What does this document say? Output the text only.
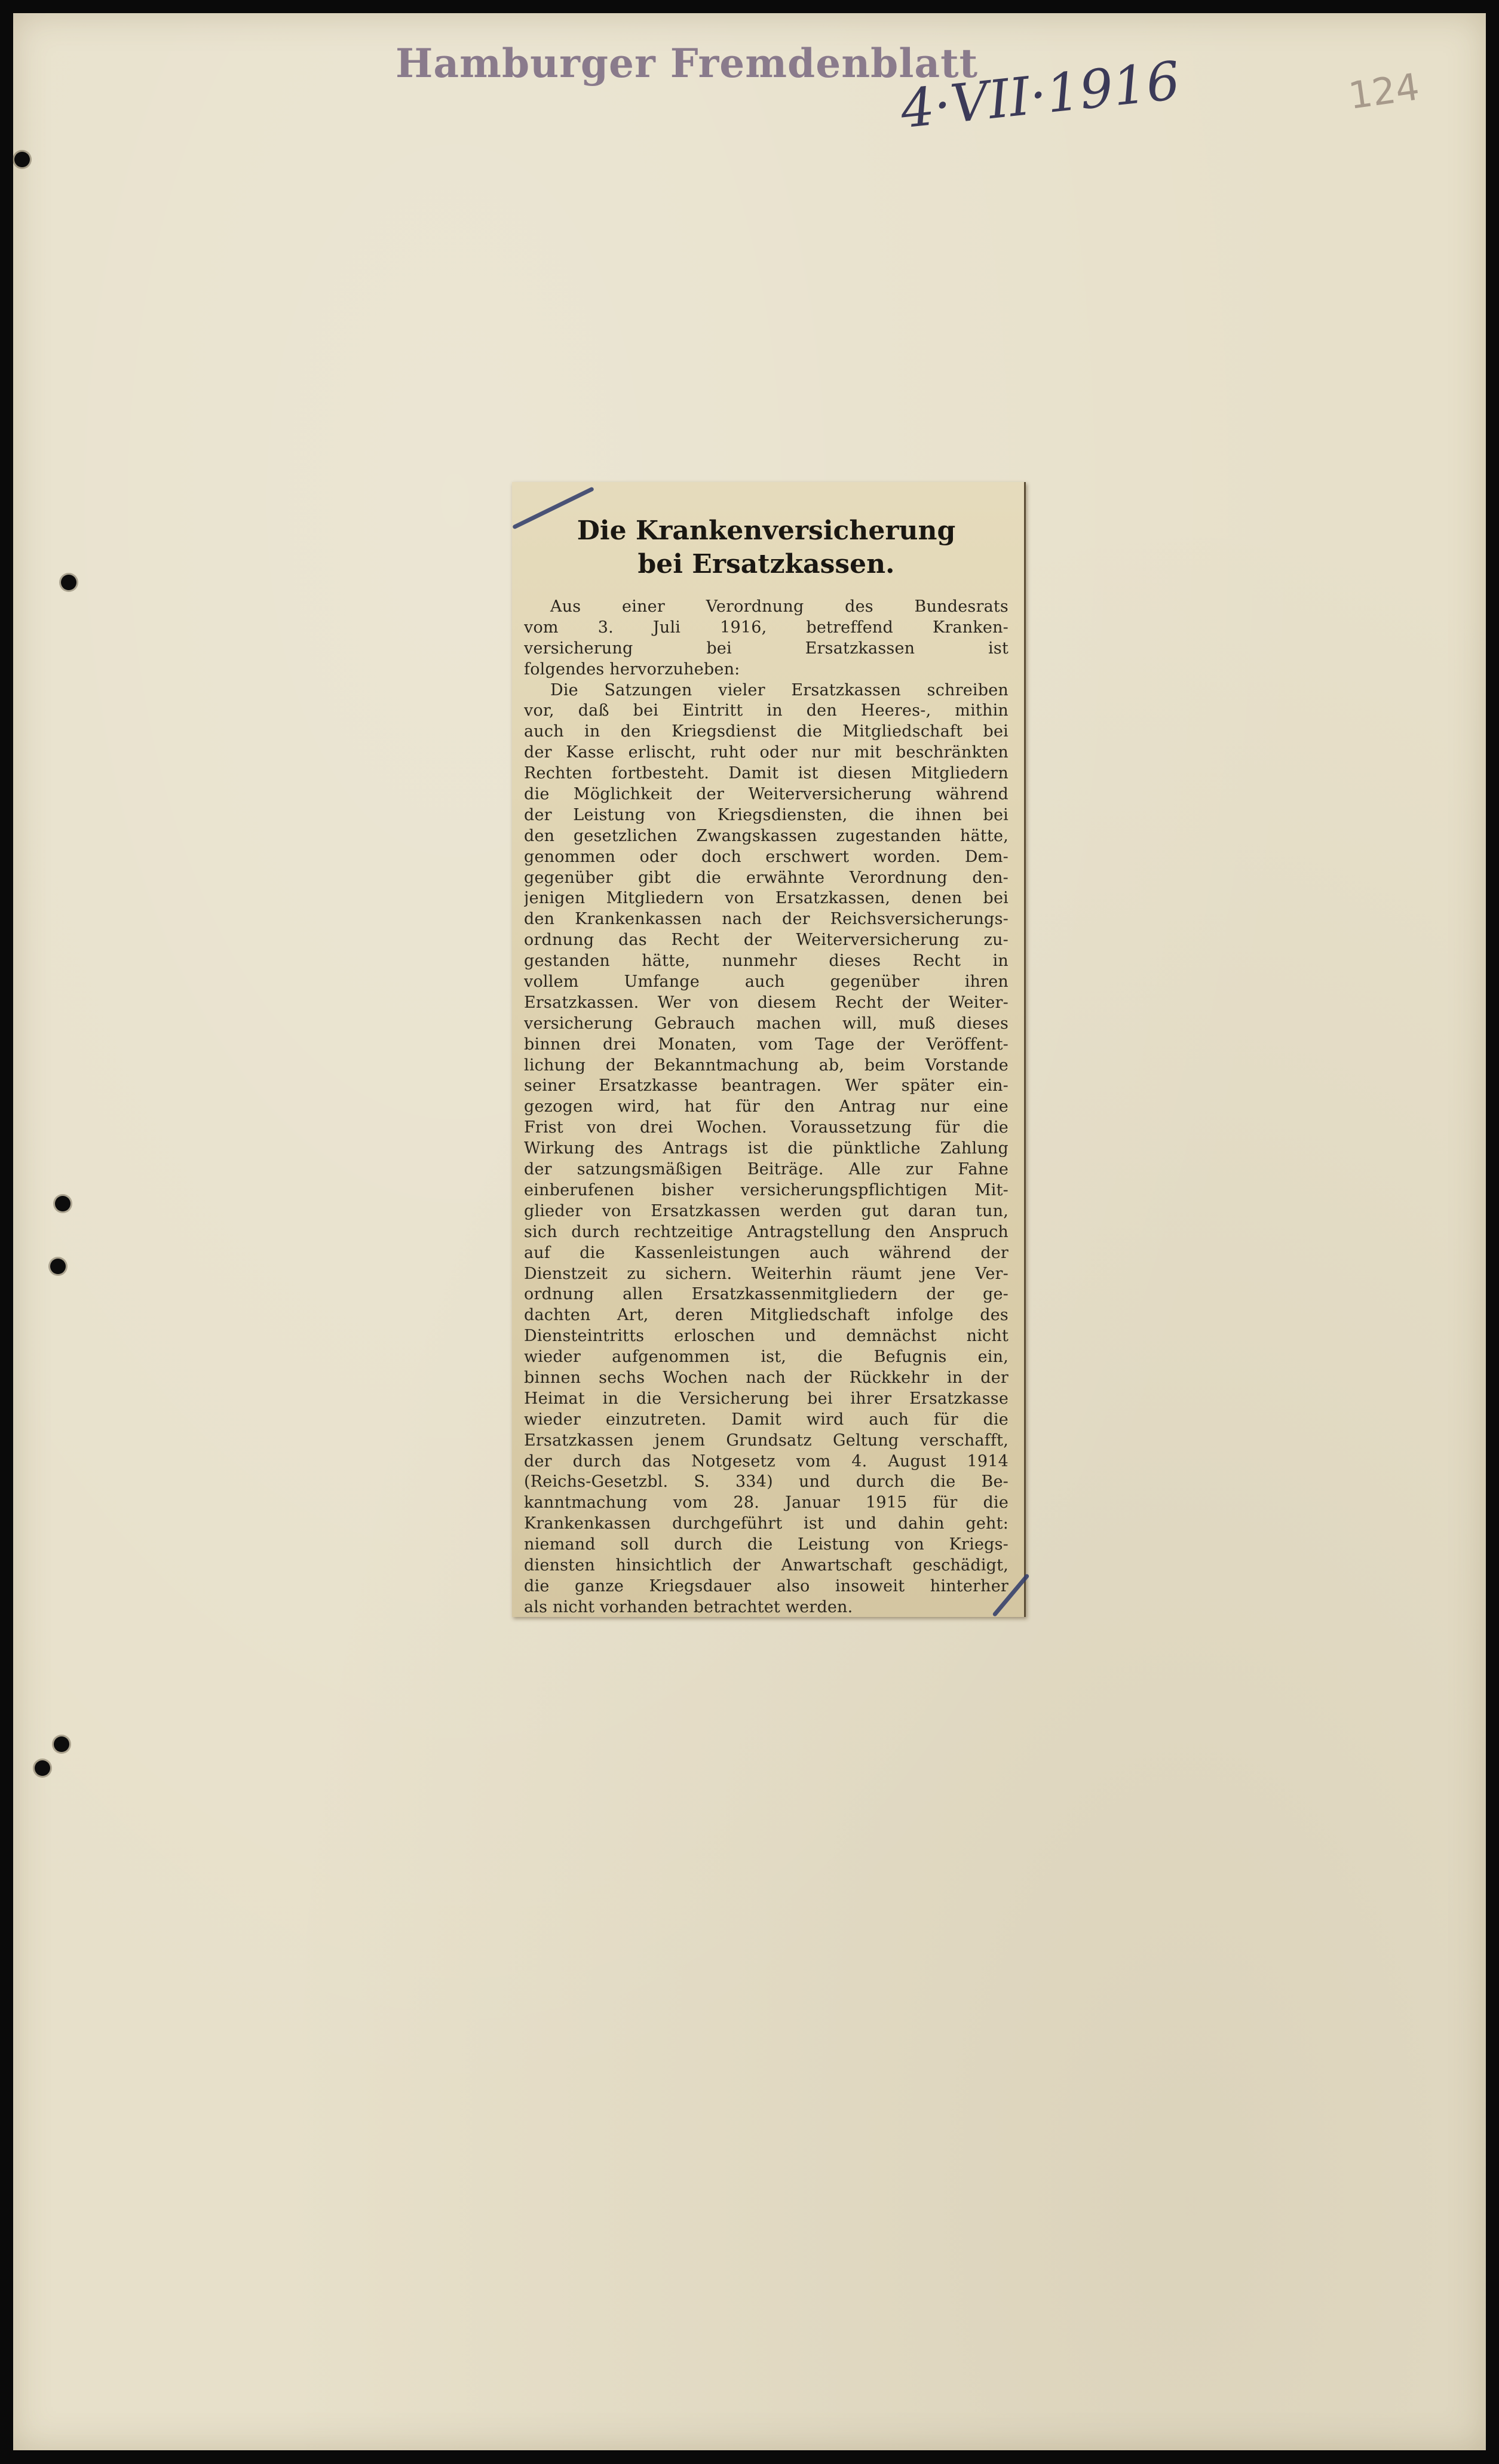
Hamburger Fremdenblatt
4·VII·1916	124
Die Krankenversicherung
bei Ersatzkassen.
Aus einer Verordnung des Bundesrats
vom 3. Juli 1916, betreffend Kranken-
versicherung bei Ersatzkassen ist
folgendes hervorzuheben:
Die Satzungen vieler Ersatzkassen schreiben
vor, daß bei Eintritt in den Heeres-, mithin
auch in den Kriegsdienst die Mitgliedschaft bei
der Kasse erlischt, ruht oder nur mit beschränkten
Rechten fortbesteht. Damit ist diesen Mitgliedern
die Möglichkeit der Weiterversicherung während
der Leistung von Kriegsdiensten, die ihnen bei
den gesetzlichen Zwangskassen zugestanden hätte,
genommen oder doch erschwert worden. Dem-
gegenüber gibt die erwähnte Verordnung den-
jenigen Mitgliedern von Ersatzkassen, denen bei
den Krankenkassen nach der Reichsversicherungs-
ordnung das Recht der Weiterversicherung zu-
gestanden hätte, nunmehr dieses Recht in
vollem Umfange auch gegenüber ihren
Ersatzkassen. Wer von diesem Recht der Weiter-
versicherung Gebrauch machen will, muß dieses
binnen drei Monaten, vom Tage der Veröffent-
lichung der Bekanntmachung ab, beim Vorstande
seiner Ersatzkasse beantragen. Wer später ein-
gezogen wird, hat für den Antrag nur eine
Frist von drei Wochen. Voraussetzung für die
Wirkung des Antrags ist die pünktliche Zahlung
der satzungsmäßigen Beiträge. Alle zur Fahne
einberufenen bisher versicherungspflichtigen Mit-
glieder von Ersatzkassen werden gut daran tun,
sich durch rechtzeitige Antragstellung den Anspruch
auf die Kassenleistungen auch während der
Dienstzeit zu sichern. Weiterhin räumt jene Ver-
ordnung allen Ersatzkassenmitgliedern der ge-
dachten Art, deren Mitgliedschaft infolge des
Diensteintritts erloschen und demnächst nicht
wieder aufgenommen ist, die Befugnis ein,
binnen sechs Wochen nach der Rückkehr in der
Heimat in die Versicherung bei ihrer Ersatzkasse
wieder einzutreten. Damit wird auch für die
Ersatzkassen jenem Grundsatz Geltung verschafft,
der durch das Notgesetz vom 4. August 1914
(Reichs-Gesetzbl. S. 334) und durch die Be-
kanntmachung vom 28. Januar 1915 für die
Krankenkassen durchgeführt ist und dahin geht:
niemand soll durch die Leistung von Kriegs-
diensten hinsichtlich der Anwartschaft geschädigt,
die ganze Kriegsdauer also insoweit hinterher
als nicht vorhanden betrachtet werden.
